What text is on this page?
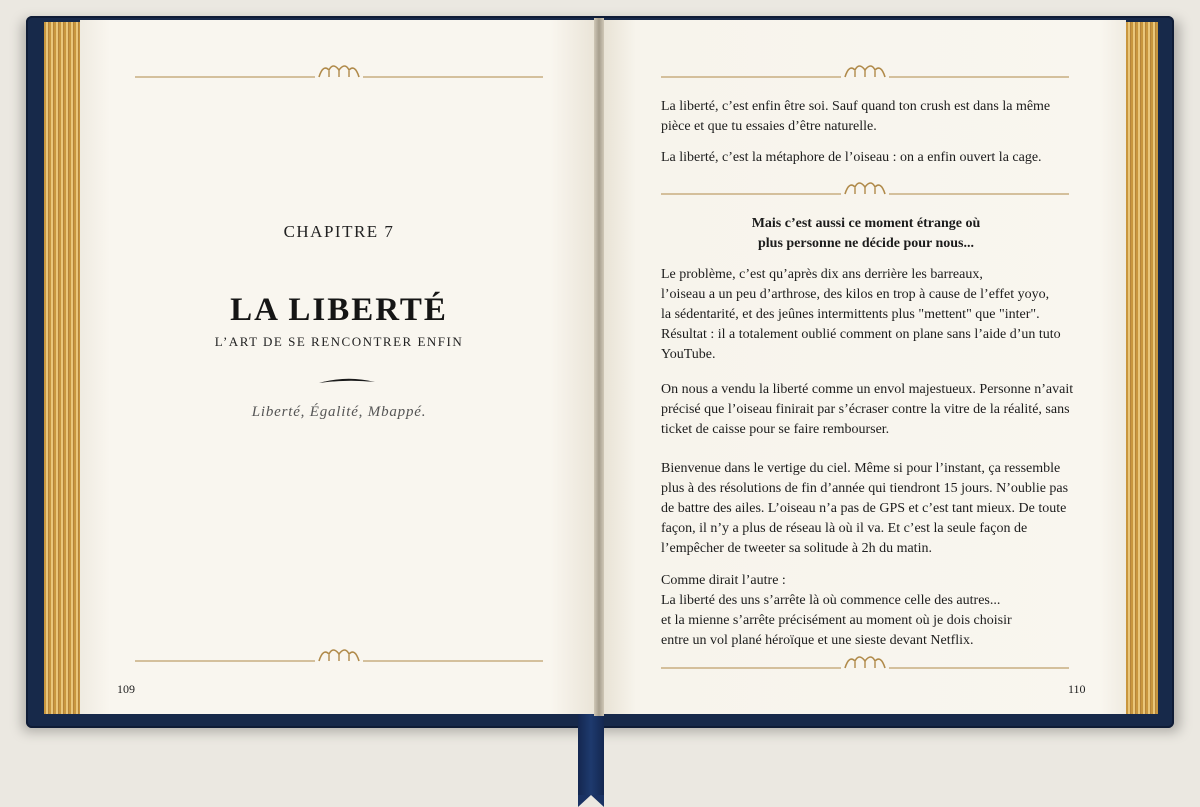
CHAPITRE 7
LA LIBERTÉ
L’ART DE SE RENCONTRER ENFIN
Liberté, Égalité, Mbappé.
109

La liberté, c’est enfin être soi. Sauf quand ton crush est dans la même
pièce et que tu essaies d’être naturelle.

La liberté, c’est la métaphore de l’oiseau : on a enfin ouvert la cage.

Mais c’est aussi ce moment étrange où
plus personne ne décide pour nous...

Le problème, c’est qu’après dix ans derrière les barreaux,
l’oiseau a un peu d’arthrose, des kilos en trop à cause de l’effet yoyo,
la sédentarité, et des jeûnes intermittents plus "mettent" que "inter".
Résultat : il a totalement oublié comment on plane sans l’aide d’un tuto
YouTube.

On nous a vendu la liberté comme un envol majestueux. Personne n’avait
précisé que l’oiseau finirait par s’écraser contre la vitre de la réalité, sans
ticket de caisse pour se faire rembourser.

Bienvenue dans le vertige du ciel. Même si pour l’instant, ça ressemble
plus à des résolutions de fin d’année qui tiendront 15 jours. N’oublie pas
de battre des ailes. L’oiseau n’a pas de GPS et c’est tant mieux. De toute
façon, il n’y a plus de réseau là où il va. Et c’est la seule façon de
l’empêcher de tweeter sa solitude à 2h du matin.

Comme dirait l’autre :
La liberté des uns s’arrête là où commence celle des autres...
et la mienne s’arrête précisément au moment où je dois choisir
entre un vol plané héroïque et une sieste devant Netflix.

110
